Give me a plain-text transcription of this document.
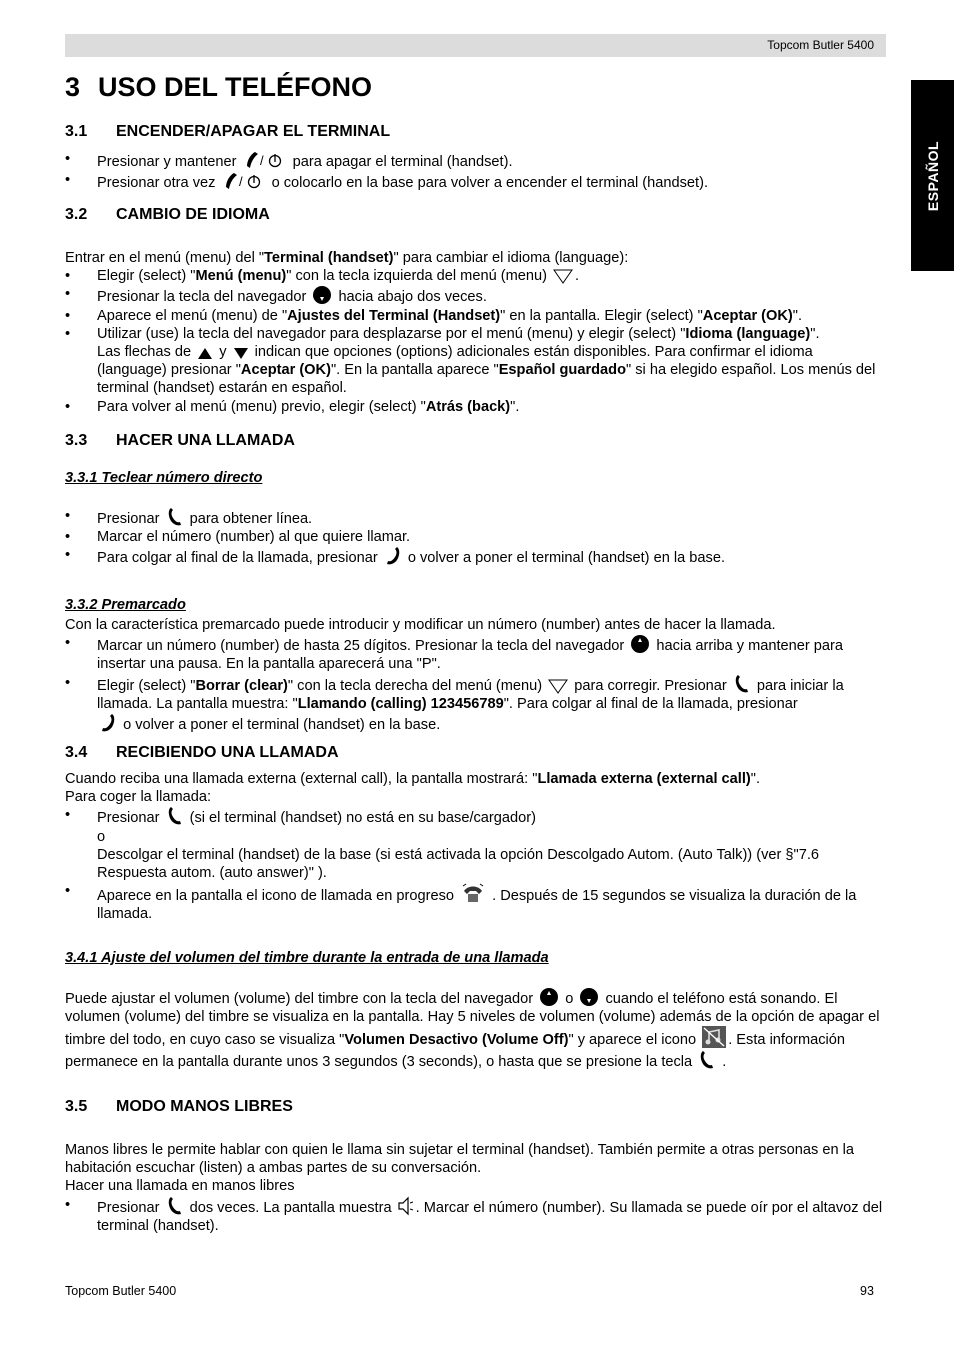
Topcom Butler 5400
ESPAÑOL
3 USO DEL TELÉFONO
3.1 ENCENDER/APAGAR EL TERMINAL
• Presionar y mantener / para apagar el terminal (handset).
• Presionar otra vez / o colocarlo en la base para volver a encender el terminal (handset).
3.2 CAMBIO DE IDIOMA

Entrar en el menú (menu) del "Terminal (handset)" para cambiar el idioma (language):

• Elegir (select) "Menú (menu)" con la tecla izquierda del menú (menu) .
• Presionar la tecla del navegador hacia abajo dos veces.
• Aparece el menú (menu) de "Ajustes del Terminal (Handset)" en la pantalla. Elegir (select) "Aceptar (OK)".
• Utilizar (use) la tecla del navegador para desplazarse por el menú (menu) y elegir (select) "Idioma (language)".
Las flechas de y indican que opciones (options) adicionales están disponibles. Para confirmar el idioma (language) presionar "Aceptar (OK)". En la pantalla aparece "Español guardado" si ha elegido español. Los menús del terminal (handset) estarán en español.
• Para volver al menú (menu) previo, elegir (select) "Atrás (back)".
3.3 HACER UNA LLAMADA
3.3.1 Teclear número directo
• Presionar para obtener línea.
• Marcar el número (number) al que quiere llamar.
• Para colgar al final de la llamada, presionar o volver a poner el terminal (handset) en la base.
3.3.2 Premarcado

Con la característica premarcado puede introducir y modificar un número (number) antes de hacer la llamada.

• Marcar un número (number) de hasta 25 dígitos. Presionar la tecla del navegador hacia arriba y mantener para insertar una pausa. En la pantalla aparecerá una "P".
• Elegir (select) "Borrar (clear)" con la tecla derecha del menú (menu) para corregir. Presionar para iniciar la llamada. La pantalla muestra: "Llamando (calling) 123456789". Para colgar al final de la llamada, presionar

o volver a poner el terminal (handset) en la base.
3.4 RECIBIENDO UNA LLAMADA

Cuando reciba una llamada externa (external call), la pantalla mostrará: "Llamada externa (external call)".

Para coger la llamada:

• Presionar (si el terminal (handset) no está en su base/cargador)
o
Descolgar el terminal (handset) de la base (si está activada la opción Descolgado Autom. (Auto Talk)) (ver §"7.6 Respuesta autom. (auto answer)" ).
• Aparece en la pantalla el icono de llamada en progreso	. Después de 15 segundos se visualiza la duración de la llamada.
3.4.1 Ajuste del volumen del timbre durante la entrada de una llamada

Puede ajustar el volumen (volume) del timbre con la tecla del navegador o cuando el teléfono está sonando. El volumen (volume) del timbre se visualiza en la pantalla. Hay 5 niveles de volumen (volume) además de la opción de apagar el timbre del todo, en cuyo caso se visualiza "Volumen Desactivo (Volume Off)" y aparece el icono . Esta información permanece en la pantalla durante unos 3 segundos (3 seconds), o hasta que se presione la tecla .

3.5 MODO MANOS LIBRES

Manos libres le permite hablar con quien le llama sin sujetar el terminal (handset). También permite a otras personas en la habitación escuchar (listen) a ambas partes de su conversación.

Hacer una llamada en manos libres

• Presionar dos veces. La pantalla muestra . Marcar el número (number). Su llamada se puede oír por el altavoz del terminal (handset).
Topcom Butler 5400	93
